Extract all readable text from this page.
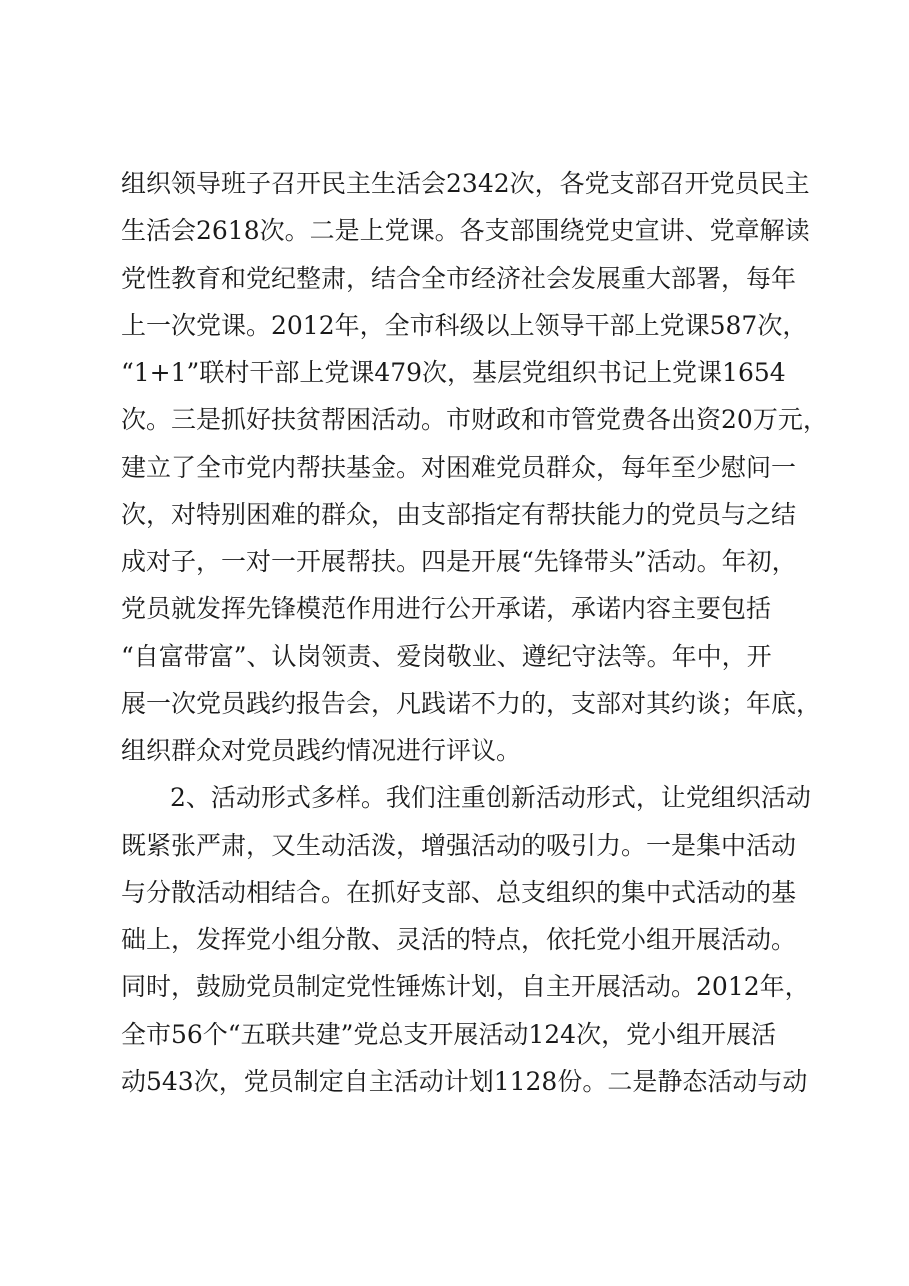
组织领导班子召开民主生活会2342次，各党支部召开党员民主
生活会2618次。二是上党课。各支部围绕党史宣讲、党章解读
党性教育和党纪整肃，结合全市经济社会发展重大部署，每年
上一次党课。2012年，全市科级以上领导干部上党课587次，
“1+1”联村干部上党课479次，基层党组织书记上党课1654
次。三是抓好扶贫帮困活动。市财政和市管党费各出资20万元，
建立了全市党内帮扶基金。对困难党员群众，每年至少慰问一
次，对特别困难的群众，由支部指定有帮扶能力的党员与之结
成对子，一对一开展帮扶。四是开展“先锋带头”活动。年初，
党员就发挥先锋模范作用进行公开承诺，承诺内容主要包括
“自富带富”、认岗领责、爱岗敬业、遵纪守法等。年中，开
展一次党员践约报告会，凡践诺不力的，支部对其约谈；年底，
组织群众对党员践约情况进行评议。
2、活动形式多样。我们注重创新活动形式，让党组织活动
既紧张严肃，又生动活泼，增强活动的吸引力。一是集中活动
与分散活动相结合。在抓好支部、总支组织的集中式活动的基
础上，发挥党小组分散、灵活的特点，依托党小组开展活动。
同时，鼓励党员制定党性锤炼计划，自主开展活动。2012年，
全市56个“五联共建”党总支开展活动124次，党小组开展活
动543次，党员制定自主活动计划1128份。二是静态活动与动
